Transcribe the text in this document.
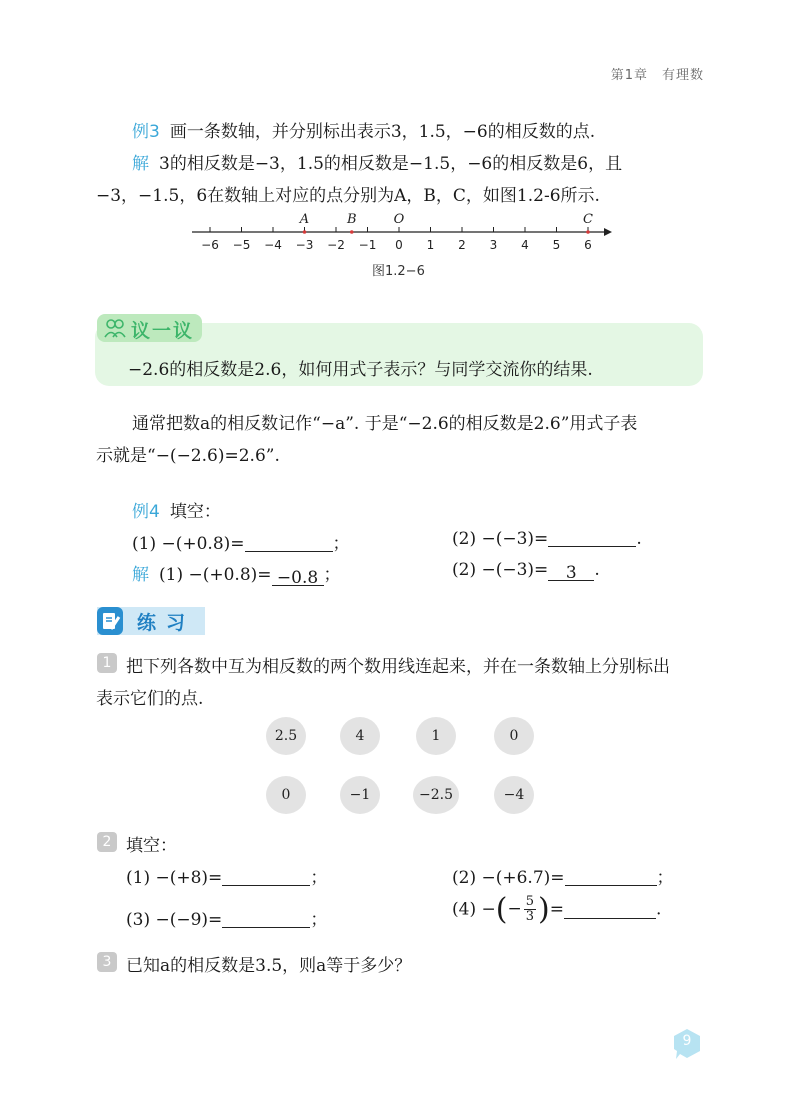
第1章 有理数
例3 画一条数轴，并分别标出表示3，1.5，−6的相反数的点.
解 3的相反数是−3，1.5的相反数是−1.5，−6的相反数是6，且
−3，−1.5，6在数轴上对应的点分别为A，B，C，如图1.2-6所示.
−6 −5 −4 −3 −2 −1 0 1 2 3 4 5 6
A	B	O	C
图1.2−6
议一议
−2.6的相反数是2.6，如何用式子表示？与同学交流你的结果.
通常把数a的相反数记作“−a”. 于是“−2.6的相反数是2.6”用式子表
示就是“−(−2.6)=2.6”.
例4 填空：
(1) −(+0.8)=	；	(2) −(−3)=	.
解 (1) −(+0.8)= −0.8 ；	(2) −(−3)= 3 .
练习
1 把下列各数中互为相反数的两个数用线连起来，并在一条数轴上分别标出
表示它们的点.
2.5	4	1	0
0	−1	−2.5	−4
2 填空：
(1) −(+8)=	；	(2) −(+6.7)=	；
(3) −(−9)=	；
(4) −(− $\frac{5}{3}$ )=	.
3 已知a的相反数是3.5，则a等于多少？
9
